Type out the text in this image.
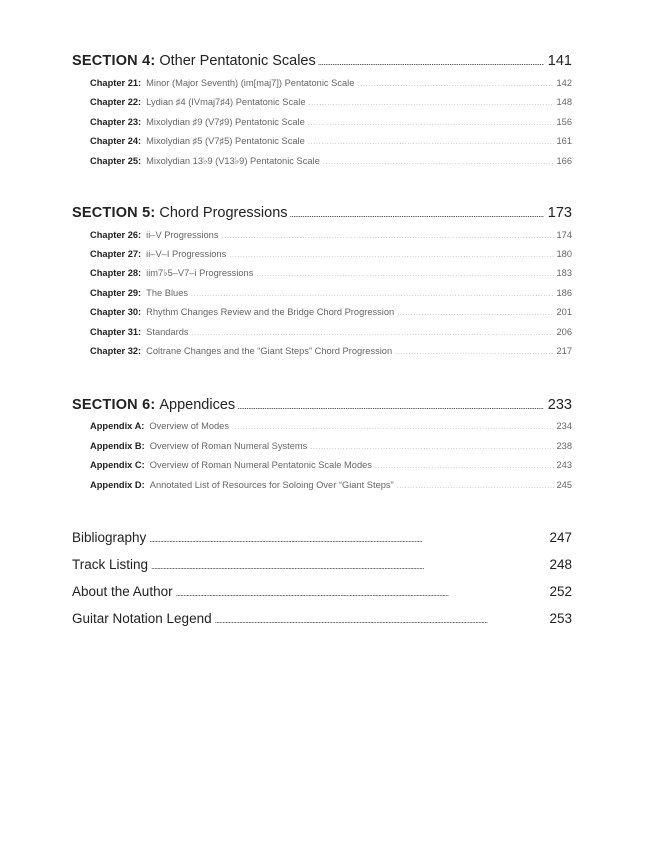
SECTION 4: Other Pentatonic Scales . . .	141
Chapter 21: Minor (Major Seventh) (im[maj7]) Pentatonic Scale . . .	142
Chapter 22: Lydian ♯4 (IVmaj7♯4) Pentatonic Scale . . .	148
Chapter 23: Mixolydian ♯9 (V7♯9) Pentatonic Scale . . .	156
Chapter 24: Mixolydian ♯5 (V7♯5) Pentatonic Scale . . .	161
Chapter 25: Mixolydian 13♭9 (V13♭9) Pentatonic Scale . . .	166
SECTION 5: Chord Progressions . . .	173
Chapter 26: ii–V Progressions . . .	174
Chapter 27: ii–V–I Progressions . . .	180
Chapter 28: iim7♭5–V7–i Progressions . . .	183
Chapter 29: The Blues . . .	186
Chapter 30: Rhythm Changes Review and the Bridge Chord Progression . . .	201
Chapter 31: Standards . . .	206
Chapter 32: Coltrane Changes and the “Giant Steps” Chord Progression . . .	217
SECTION 6: Appendices . . .	233
Appendix A: Overview of Modes . . .	234
Appendix B: Overview of Roman Numeral Systems . . .	238
Appendix C: Overview of Roman Numeral Pentatonic Scale Modes . . .	243
Appendix D: Annotated List of Resources for Soloing Over “Giant Steps” . . .	245
Bibliography . . .	247
Track Listing . . .	248
About the Author . . .	252
Guitar Notation Legend . . .	253
